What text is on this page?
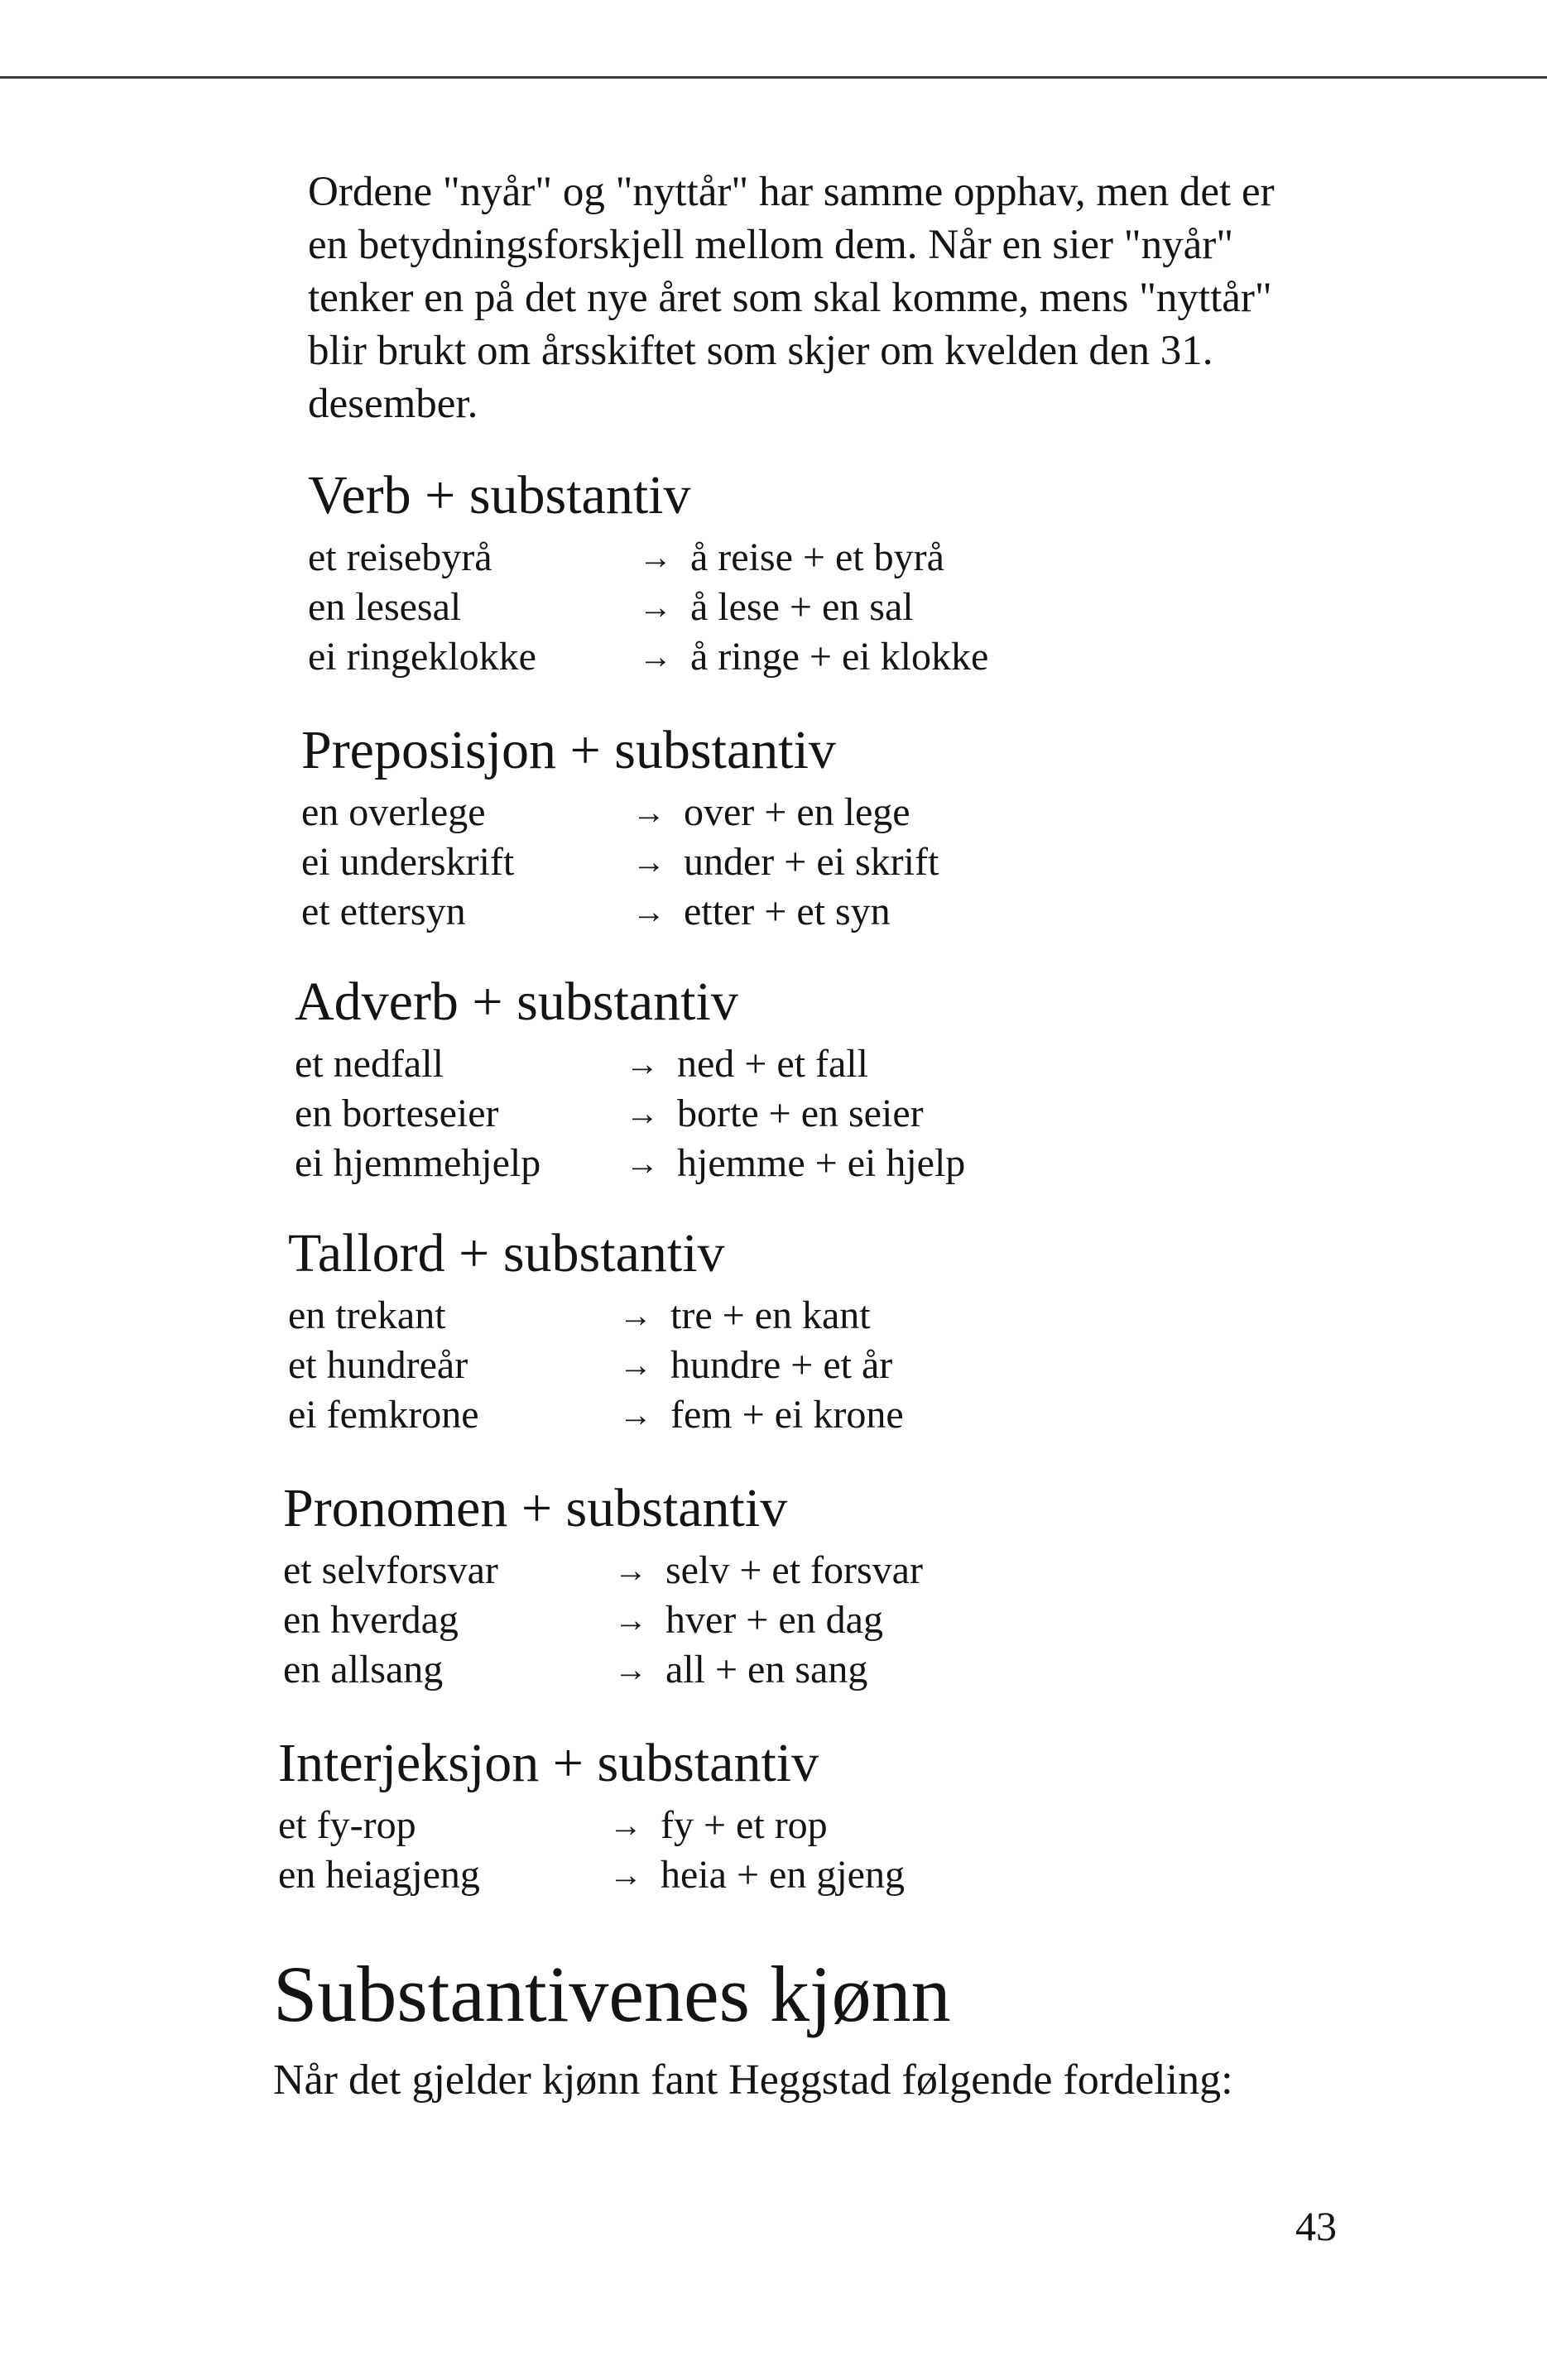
Ordene "nyår" og "nyttår" har samme opphav, men det er
en betydningsforskjell mellom dem. Når en sier "nyår"
tenker en på det nye året som skal komme, mens "nyttår"
blir brukt om årsskiftet som skjer om kvelden den 31.
desember.
Verb + substantiv
et reisebyrå	→ å reise + et byrå
en lesesal	→ å lese + en sal
ei ringeklokke	→ å ringe + ei klokke
Preposisjon + substantiv
en overlege	→ over + en lege
ei underskrift	→ under + ei skrift
et ettersyn	→ etter + et syn
Adverb + substantiv
et nedfall	→ ned + et fall
en borteseier	→ borte + en seier
ei hjemmehjelp	→ hjemme + ei hjelp
Tallord + substantiv
en trekant	→ tre + en kant
et hundreår	→ hundre + et år
ei femkrone	→ fem + ei krone
Pronomen + substantiv
et selvforsvar	→ selv + et forsvar
en hverdag	→ hver + en dag
en allsang	→ all + en sang
Interjeksjon + substantiv
et fy-rop	→ fy + et rop
en heiagjeng	→ heia + en gjeng
Substantivenes kjønn
Når det gjelder kjønn fant Heggstad følgende fordeling:
43
